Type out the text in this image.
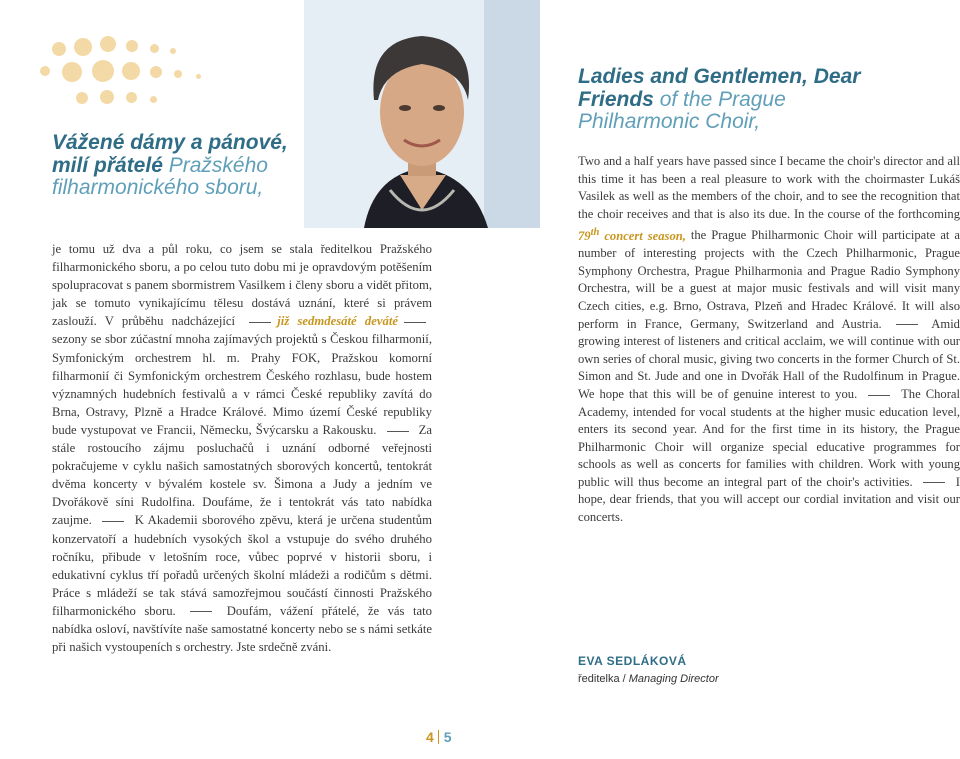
Vážené dámy a pánové, milí přátelé Pražského filharmonického sboru,
Ladies and Gentlemen, Dear Friends of the Prague Philharmonic Choir,

je tomu už dva a půl roku, co jsem se stala ředitelkou Pražského filharmonického sboru, a po celou tuto dobu mi je opravdovým potěšením spolupracovat s panem sbormistrem Vasilkem i členy sboru a vidět přitom, jak se tomuto vynikajícímu tělesu dostává uznání, které si právem zaslouží. V průběhu nadcházející	již sedmdesáté deváté sezony se sbor zúčastní mnoha zajímavých projektů s Českou filharmonií, Symfonickým orchestrem hl. m. Prahy FOK, Pražskou komorní filharmonií či Symfonickým orchestrem Českého rozhlasu, bude hostem významných hudebních festivalů a v rámci České republiky zavítá do Brna, Ostravy, Plzně a Hradce Králové. Mimo území České republiky bude vystupovat ve Francii, Německu, Švýcarsku a Rakousku.	Za stále rostoucího zájmu posluchačů i uznání odborné veřejnosti pokračujeme v cyklu našich samostatných sborových koncertů, tentokrát dvěma koncerty v bývalém kostele sv. Šimona a Judy a jedním ve Dvořákově síni Rudolfina. Doufáme, že i tentokrát vás tato nabídka zaujme.	K Akademii sborového zpěvu, která je určena studentům konzervatoří a hudebních vysokých škol a vstupuje do svého druhého ročníku, přibude v letošním roce, vůbec poprvé v historii sboru, i edukativní cyklus tří pořadů určených školní mládeži a rodičům s dětmi. Práce s mládeží se tak stává samozřejmou součástí činnosti Pražského filharmonického sboru.	Doufám, vážení přátelé, že vás tato nabídka osloví, navštívíte naše samostatné koncerty nebo se s námi setkáte při našich vystoupeních s orchestry. Jste srdečně zváni.

Two and a half years have passed since I became the choir's director and all this time it has been a real pleasure to work with the choirmaster Lukáš Vasilek as well as the members of the choir, and to see the recognition that the choir receives and that is also its due. In the course of the forthcoming 79th concert season, the Prague Philharmonic Choir will participate at a number of interesting projects with the Czech Philharmonic, Prague Symphony Orchestra, Prague Philharmonia and Prague Radio Symphony Orchestra, will be a guest at major music festivals and will visit many Czech cities, e.g. Brno, Ostrava, Plzeň and Hradec Králové. It will also perform in France, Germany, Switzerland and Austria.	Amid growing interest of listeners and critical acclaim, we will continue with our own series of choral music, giving two concerts in the former Church of St. Simon and St. Jude and one in Dvořák Hall of the Rudolfinum in Prague. We hope that this will be of genuine interest to you.	The Choral Academy, intended for vocal students at the higher music education level, enters its second year. And for the first time in its history, the Prague Philharmonic Choir will organize special educative programmes for schools as well as concerts for families with children. Work with young public will thus become an integral part of the choir's activities.	I hope, dear friends, that you will accept our cordial invitation and visit our concerts.

EVA SEDLÁKOVÁ
ředitelka / Managing Director
4 5
